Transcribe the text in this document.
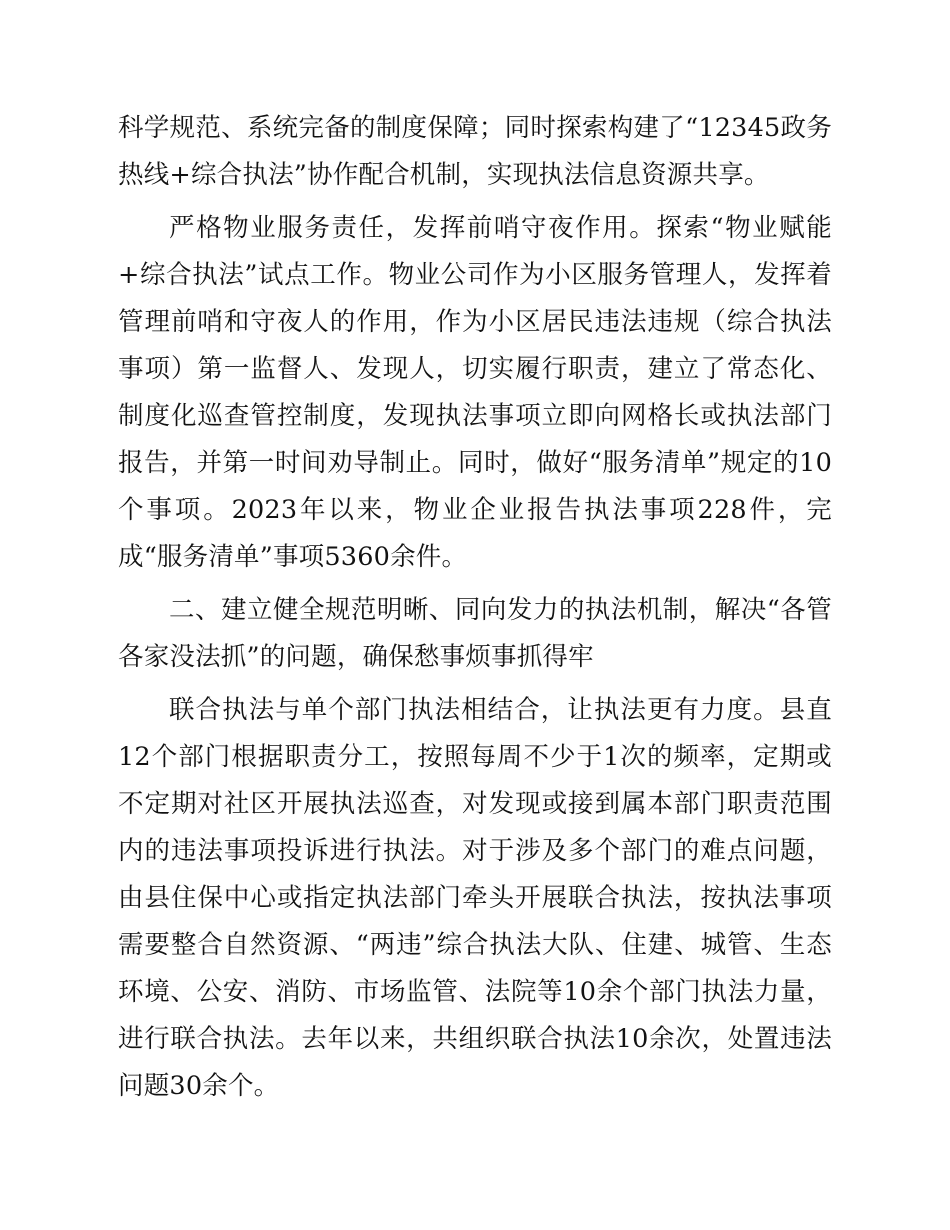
科学规范、系统完备的制度保障；同时探索构建了“12345政务热线+综合执法”协作配合机制，实现执法信息资源共享。

严格物业服务责任，发挥前哨守夜作用。探索“物业赋能+综合执法”试点工作。物业公司作为小区服务管理人，发挥着管理前哨和守夜人的作用，作为小区居民违法违规（综合执法事项）第一监督人、发现人，切实履行职责，建立了常态化、制度化巡查管控制度，发现执法事项立即向网格长或执法部门报告，并第一时间劝导制止。同时，做好“服务清单”规定的10个事项。2023年以来，物业企业报告执法事项228件，完成“服务清单”事项5360余件。

二、建立健全规范明晰、同向发力的执法机制，解决“各管各家没法抓”的问题，确保愁事烦事抓得牢

联合执法与单个部门执法相结合，让执法更有力度。县直12个部门根据职责分工，按照每周不少于1次的频率，定期或不定期对社区开展执法巡查，对发现或接到属本部门职责范围内的违法事项投诉进行执法。对于涉及多个部门的难点问题，由县住保中心或指定执法部门牵头开展联合执法，按执法事项需要整合自然资源、“两违”综合执法大队、住建、城管、生态环境、公安、消防、市场监管、法院等10余个部门执法力量，进行联合执法。去年以来，共组织联合执法10余次，处置违法问题30余个。
